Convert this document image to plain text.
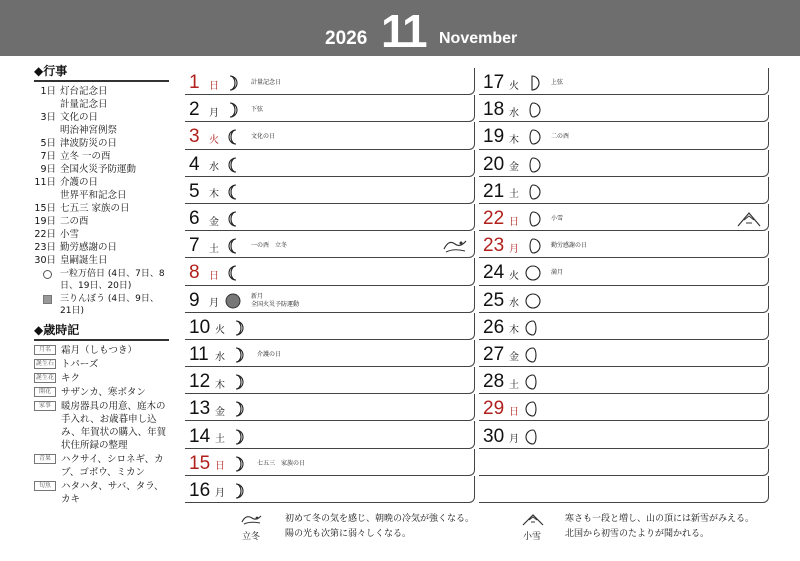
2026 11 November
◆行事
1日 灯台記念日
計量記念日
3日 文化の日
明治神宮例祭
5日 津波防災の日
7日 立冬 一の酉
9日 全国火災予防運動
11日 介護の日
世界平和記念日
15日 七五三 家族の日
19日 二の酉
22日 小雪
23日 勤労感謝の日
30日 皇嗣誕生日
一粒万倍日 (4日、7日、8日、19日、20日)
三りんぼう (4日、9日、21日)
◆歳時記
月名	霜月（しもつき）
誕生石 トパーズ
誕生花 キク
開花	サザンカ、寒ボタン
家事	暖房器具の用意、庭木の手入れ、お歳暮申し込み、年賀状の購入、年賀状住所録の整理
青果	ハクサイ、シロネギ、カブ、ゴボウ、ミカン
旬魚	ハタハタ、サバ、タラ、カキ
1 日	計量記念日
2 月	下弦
3 火	文化の日
4 水
5 木
6 金
7 土	一の酉　立冬
8 日
9 月
新月
全国火災予防運動
10 火
11 水	介護の日
12 木
13 金
14 土
15 日	七五三　家族の日
16 月
17 火	上弦
18 水
19 木	二の酉
20 金
21 土
22 日	小雪
23 月	勤労感謝の日
24 火	満月
25 水
26 木
27 金
28 土
29 日
30 月
立冬
初めて冬の気を感じ、朝晩の冷気が強くなる。
陽の光も次第に弱々しくなる。	小雪
寒さも一段と増し、山の頂には新雪がみえる。
北国から初雪のたよりが聞かれる。
